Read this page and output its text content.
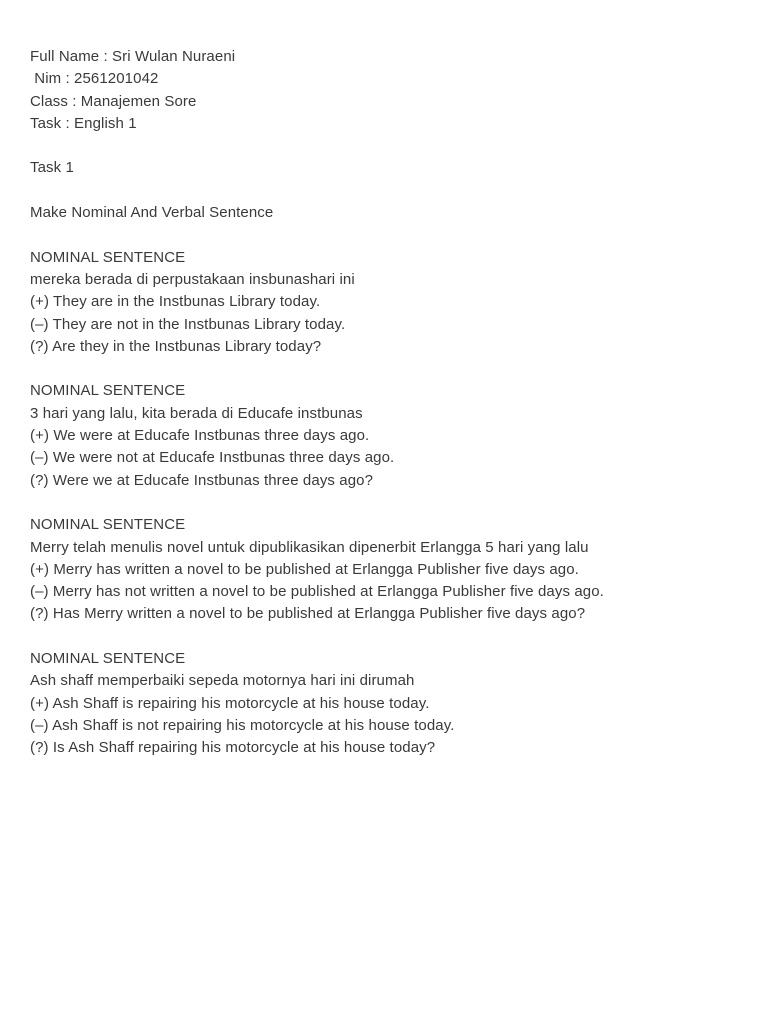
Full Name : Sri Wulan Nuraeni
Nim : 2561201042
Class : Manajemen Sore
Task : English 1
Task 1
Make Nominal And Verbal Sentence
NOMINAL SENTENCE
mereka berada di perpustakaan insbunashari ini
(+) They are in the Instbunas Library today.
(–) They are not in the Instbunas Library today.
(?) Are they in the Instbunas Library today?
NOMINAL SENTENCE
3 hari yang lalu, kita berada di Educafe instbunas
(+) We were at Educafe Instbunas three days ago.
(–) We were not at Educafe Instbunas three days ago.
(?) Were we at Educafe Instbunas three days ago?
NOMINAL SENTENCE
Merry telah menulis novel untuk dipublikasikan dipenerbit Erlangga 5 hari yang lalu
(+) Merry has written a novel to be published at Erlangga Publisher five days ago.
(–) Merry has not written a novel to be published at Erlangga Publisher five days ago.
(?) Has Merry written a novel to be published at Erlangga Publisher five days ago?
NOMINAL SENTENCE
Ash shaff memperbaiki sepeda motornya hari ini dirumah
(+) Ash Shaff is repairing his motorcycle at his house today.
(–) Ash Shaff is not repairing his motorcycle at his house today.
(?) Is Ash Shaff repairing his motorcycle at his house today?
